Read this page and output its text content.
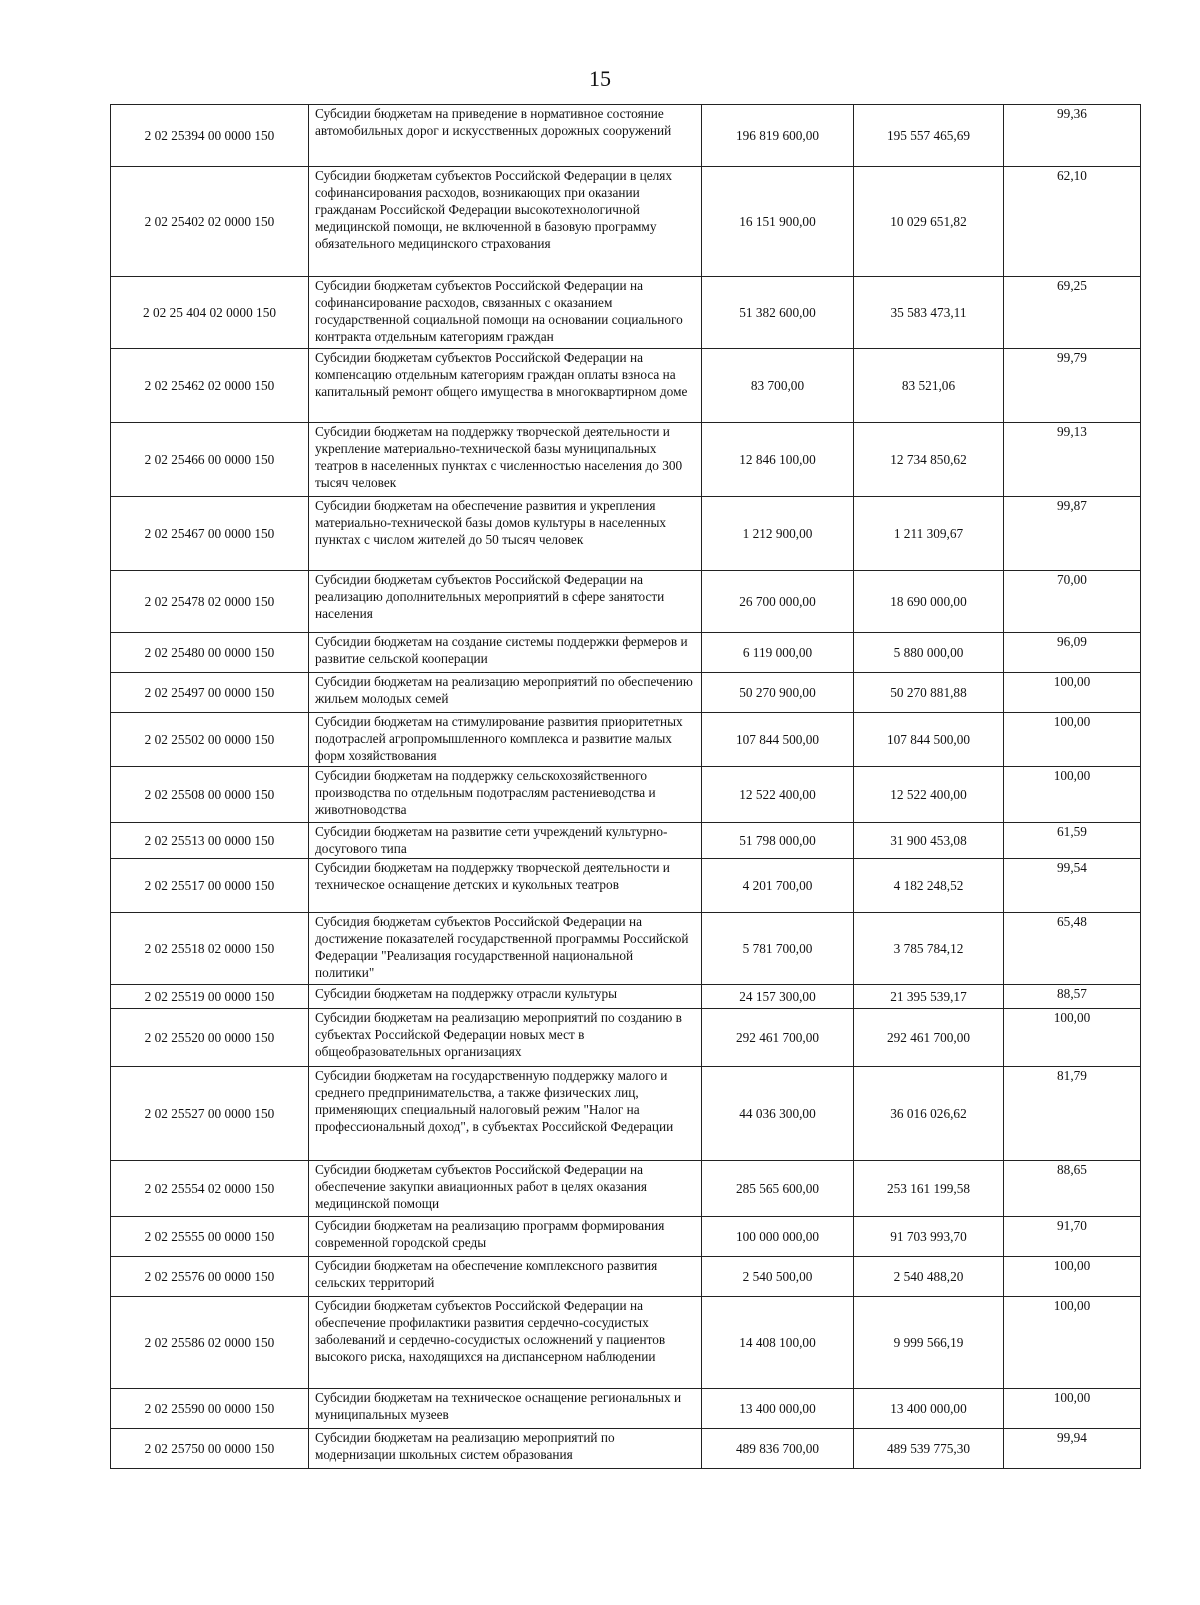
15
2 02 25394 00 0000 150	Субсидии бюджетам на приведение в нормативное состояние автомобильных дорог и искусственных дорожных сооружений	196 819 600,00	195 557 465,69	99,36
2 02 25402 02 0000 150	Субсидии бюджетам субъектов Российской Федерации в целях софинансирования расходов, возникающих при оказании гражданам Российской Федерации высокотехнологичной медицинской помощи, не включенной в базовую программу обязательного медицинского страхования	16 151 900,00	10 029 651,82	62,10
2 02 25 404 02 0000 150	Субсидии бюджетам субъектов Российской Федерации на софинансирование расходов, связанных с оказанием государственной социальной помощи на основании социального контракта отдельным категориям граждан	51 382 600,00	35 583 473,11	69,25
2 02 25462 02 0000 150	Субсидии бюджетам субъектов Российской Федерации на компенсацию отдельным категориям граждан оплаты взноса на капитальный ремонт общего имущества в многоквартирном доме	83 700,00	83 521,06	99,79
2 02 25466 00 0000 150	Субсидии бюджетам на поддержку творческой деятельности и укрепление материально-технической базы муниципальных театров в населенных пунктах с численностью населения до 300 тысяч человек	12 846 100,00	12 734 850,62	99,13
2 02 25467 00 0000 150	Субсидии бюджетам на обеспечение развития и укрепления материально-технической базы домов культуры в населенных пунктах с числом жителей до 50 тысяч человек	1 212 900,00	1 211 309,67	99,87
2 02 25478 02 0000 150	Субсидии бюджетам субъектов Российской Федерации на реализацию дополнительных мероприятий в сфере занятости населения	26 700 000,00	18 690 000,00	70,00
2 02 25480 00 0000 150	Субсидии бюджетам на создание системы поддержки фермеров и развитие сельской кооперации	6 119 000,00	5 880 000,00	96,09
2 02 25497 00 0000 150	Субсидии бюджетам на реализацию мероприятий по обеспечению жильем молодых семей	50 270 900,00	50 270 881,88	100,00
2 02 25502 00 0000 150	Субсидии бюджетам на стимулирование развития приоритетных подотраслей агропромышленного комплекса и развитие малых форм хозяйствования	107 844 500,00	107 844 500,00	100,00
2 02 25508 00 0000 150	Субсидии бюджетам на поддержку сельскохозяйственного производства по отдельным подотраслям растениеводства и животноводства	12 522 400,00	12 522 400,00	100,00
2 02 25513 00 0000 150	Субсидии бюджетам на развитие сети учреждений культурно-досугового типа	51 798 000,00	31 900 453,08	61,59
2 02 25517 00 0000 150	Субсидии бюджетам на поддержку творческой деятельности и техническое оснащение детских и кукольных театров	4 201 700,00	4 182 248,52	99,54
2 02 25518 02 0000 150	Субсидия бюджетам субъектов Российской Федерации на достижение показателей государственной программы Российской Федерации "Реализация государственной национальной политики"	5 781 700,00	3 785 784,12	65,48
2 02 25519 00 0000 150	Субсидии бюджетам на поддержку отрасли культуры	24 157 300,00	21 395 539,17	88,57
2 02 25520 00 0000 150	Субсидии бюджетам на реализацию мероприятий по созданию в субъектах Российской Федерации новых мест в общеобразовательных организациях	292 461 700,00	292 461 700,00	100,00
2 02 25527 00 0000 150	Субсидии бюджетам на государственную поддержку малого и среднего предпринимательства, а также физических лиц, применяющих специальный налоговый режим "Налог на профессиональный доход", в субъектах Российской Федерации	44 036 300,00	36 016 026,62	81,79
2 02 25554 02 0000 150	Субсидии бюджетам субъектов Российской Федерации на обеспечение закупки авиационных работ в целях оказания медицинской помощи	285 565 600,00	253 161 199,58	88,65
2 02 25555 00 0000 150	Субсидии бюджетам на реализацию программ формирования современной городской среды	100 000 000,00	91 703 993,70	91,70
2 02 25576 00 0000 150	Субсидии бюджетам на обеспечение комплексного развития сельских территорий	2 540 500,00	2 540 488,20	100,00
2 02 25586 02 0000 150	Субсидии бюджетам субъектов Российской Федерации на обеспечение профилактики развития сердечно-сосудистых заболеваний и сердечно-сосудистых осложнений у пациентов высокого риска, находящихся на диспансерном наблюдении	14 408 100,00	9 999 566,19	100,00
2 02 25590 00 0000 150	Субсидии бюджетам на техническое оснащение региональных и муниципальных музеев	13 400 000,00	13 400 000,00	100,00
2 02 25750 00 0000 150	Субсидии бюджетам на реализацию мероприятий по модернизации школьных систем образования	489 836 700,00	489 539 775,30	99,94
